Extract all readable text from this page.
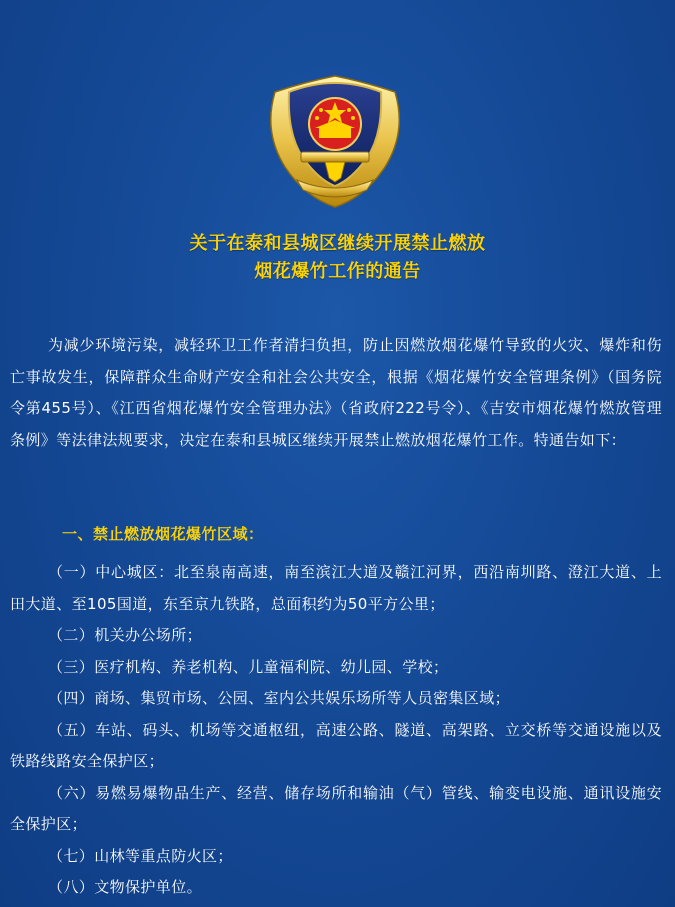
关于在泰和县城区继续开展禁止燃放
烟花爆竹工作的通告
为减少环境污染，减轻环卫工作者清扫负担，防止因燃放烟花爆竹导致的火灾、爆炸和伤亡事故发生，保障群众生命财产安全和社会公共安全，根据《烟花爆竹安全管理条例》（国务院令第455号）、《江西省烟花爆竹安全管理办法》（省政府222号令）、《吉安市烟花爆竹燃放管理条例》等法律法规要求，决定在泰和县城区继续开展禁止燃放烟花爆竹工作。特通告如下：
一、禁止燃放烟花爆竹区域：

（一）中心城区：北至泉南高速，南至滨江大道及赣江河界，西沿南圳路、澄江大道、上田大道、至105国道，东至京九铁路，总面积约为50平方公里；

（二）机关办公场所；

（三）医疗机构、养老机构、儿童福利院、幼儿园、学校；

（四）商场、集贸市场、公园、室内公共娱乐场所等人员密集区域；

（五）车站、码头、机场等交通枢纽，高速公路、隧道、高架路、立交桥等交通设施以及铁路线路安全保护区；

（六）易燃易爆物品生产、经营、储存场所和输油（气）管线、输变电设施、通讯设施安全保护区；

（七）山林等重点防火区；

（八）文物保护单位。
